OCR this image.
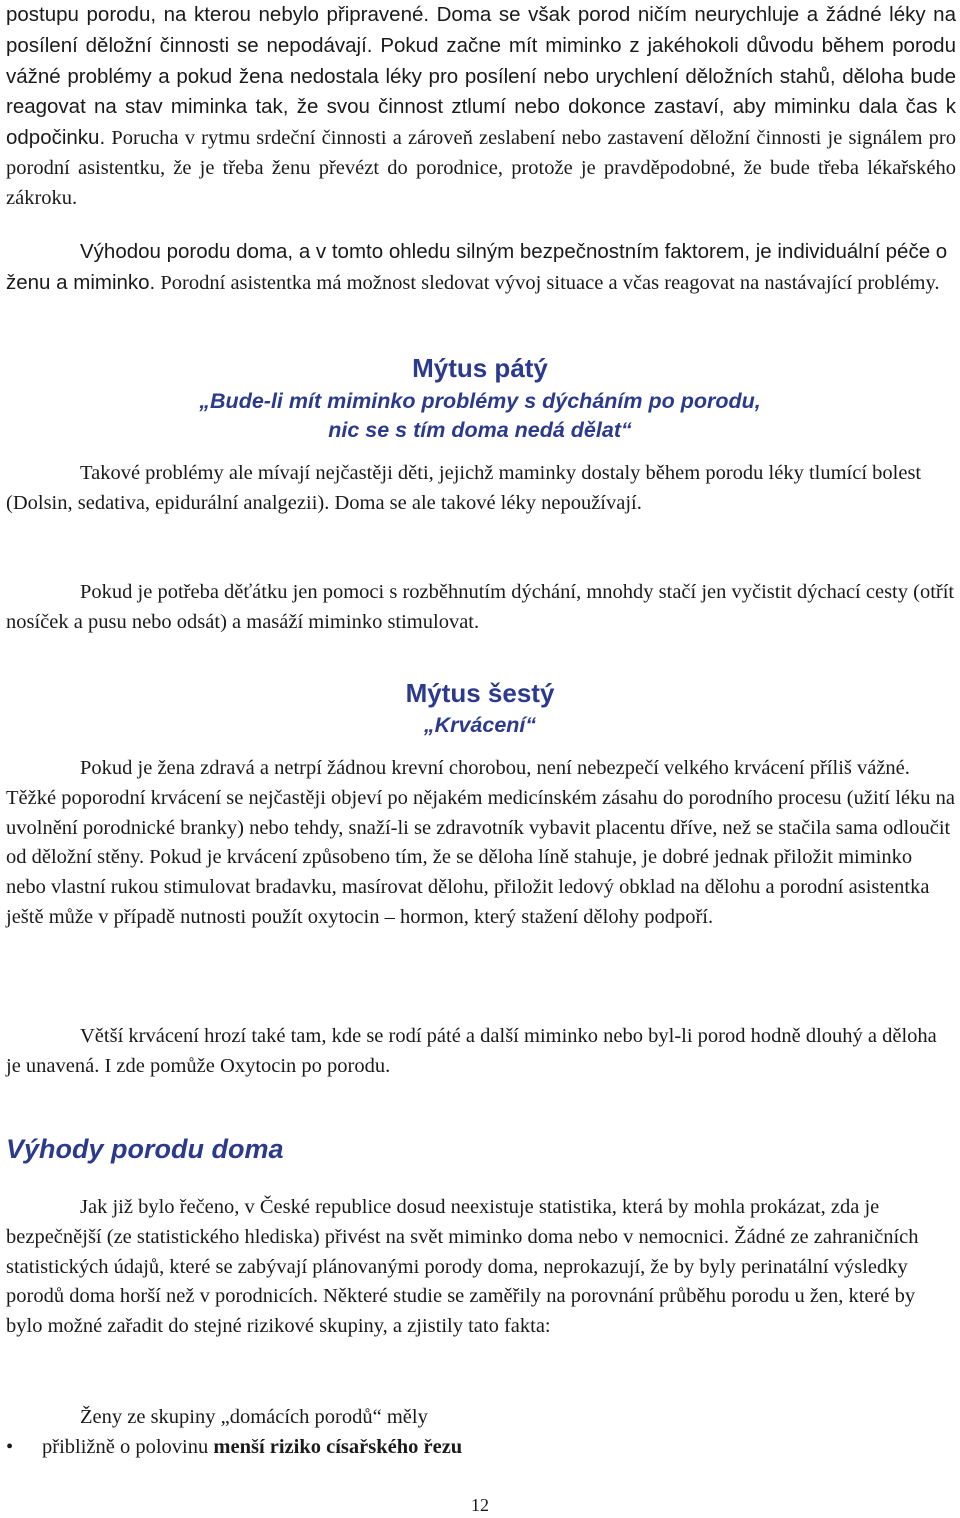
postupu porodu, na kterou nebylo připravené. Doma se však porod ničím neurychluje a žádné léky na posílení děložní činnosti se nepodávají. Pokud začne mít miminko z jakéhokoli důvodu během porodu vážné problémy a pokud žena nedostala léky pro posílení nebo urychlení děložních stahů, děloha bude reagovat na stav miminka tak, že svou činnost ztlumí nebo dokonce zastaví, aby miminku dala čas k odpočinku. Porucha v rytmu srdeční činnosti a zároveň zeslabení nebo zastavení děložní činnosti je signálem pro porodní asistentku, že je třeba ženu převézt do porodnice, protože je pravděpodobné, že bude třeba lékařského zákroku.

Výhodou porodu doma, a v tomto ohledu silným bezpečnostním faktorem, je individuální péče o ženu a miminko. Porodní asistentka má možnost sledovat vývoj situace a včas reagovat na nastávající problémy.

Mýtus pátý
„Bude-li mít miminko problémy s dýcháním po porodu,
nic se s tím doma nedá dělat“

Takové problémy ale mívají nejčastěji děti, jejichž maminky dostaly během porodu léky tlumící bolest (Dolsin, sedativa, epidurální analgezii). Doma se ale takové léky nepoužívají.

Pokud je potřeba děťátku jen pomoci s rozběhnutím dýchání, mnohdy stačí jen vyčistit dýchací cesty (otřít nosíček a pusu nebo odsát) a masáží miminko stimulovat.

Mýtus šestý
„Krvácení“

Pokud je žena zdravá a netrpí žádnou krevní chorobou, není nebezpečí velkého krvácení příliš vážné. Těžké poporodní krvácení se nejčastěji objeví po nějakém medicínském zásahu do porodního procesu (užití léku na uvolnění porodnické branky) nebo tehdy, snaží-li se zdravotník vybavit placentu dříve, než se stačila sama odloučit od děložní stěny. Pokud je krvácení způsobeno tím, že se děloha líně stahuje, je dobré jednak přiložit miminko nebo vlastní rukou stimulovat bradavku, masírovat dělohu, přiložit ledový obklad na dělohu a porodní asistentka ještě může v případě nutnosti použít oxytocin – hormon, který stažení dělohy podpoří.

Větší krvácení hrozí také tam, kde se rodí páté a další miminko nebo byl-li porod hodně dlouhý a děloha je unavená. I zde pomůže Oxytocin po porodu.

Výhody porodu doma

Jak již bylo řečeno, v České republice dosud neexistuje statistika, která by mohla prokázat, zda je bezpečnější (ze statistického hlediska) přivést na svět miminko doma nebo v nemocnici. Žádné ze zahraničních statistických údajů, které se zabývají plánovanými porody doma, neprokazují, že by byly perinatální výsledky porodů doma horší než v porodnicích. Některé studie se zaměřily na porovnání průběhu porodu u žen, které by bylo možné zařadit do stejné rizikové skupiny, a zjistily tato fakta:

Ženy ze skupiny „domácích porodů“ měly

• přibližně o polovinu menší riziko císařského řezu
12
